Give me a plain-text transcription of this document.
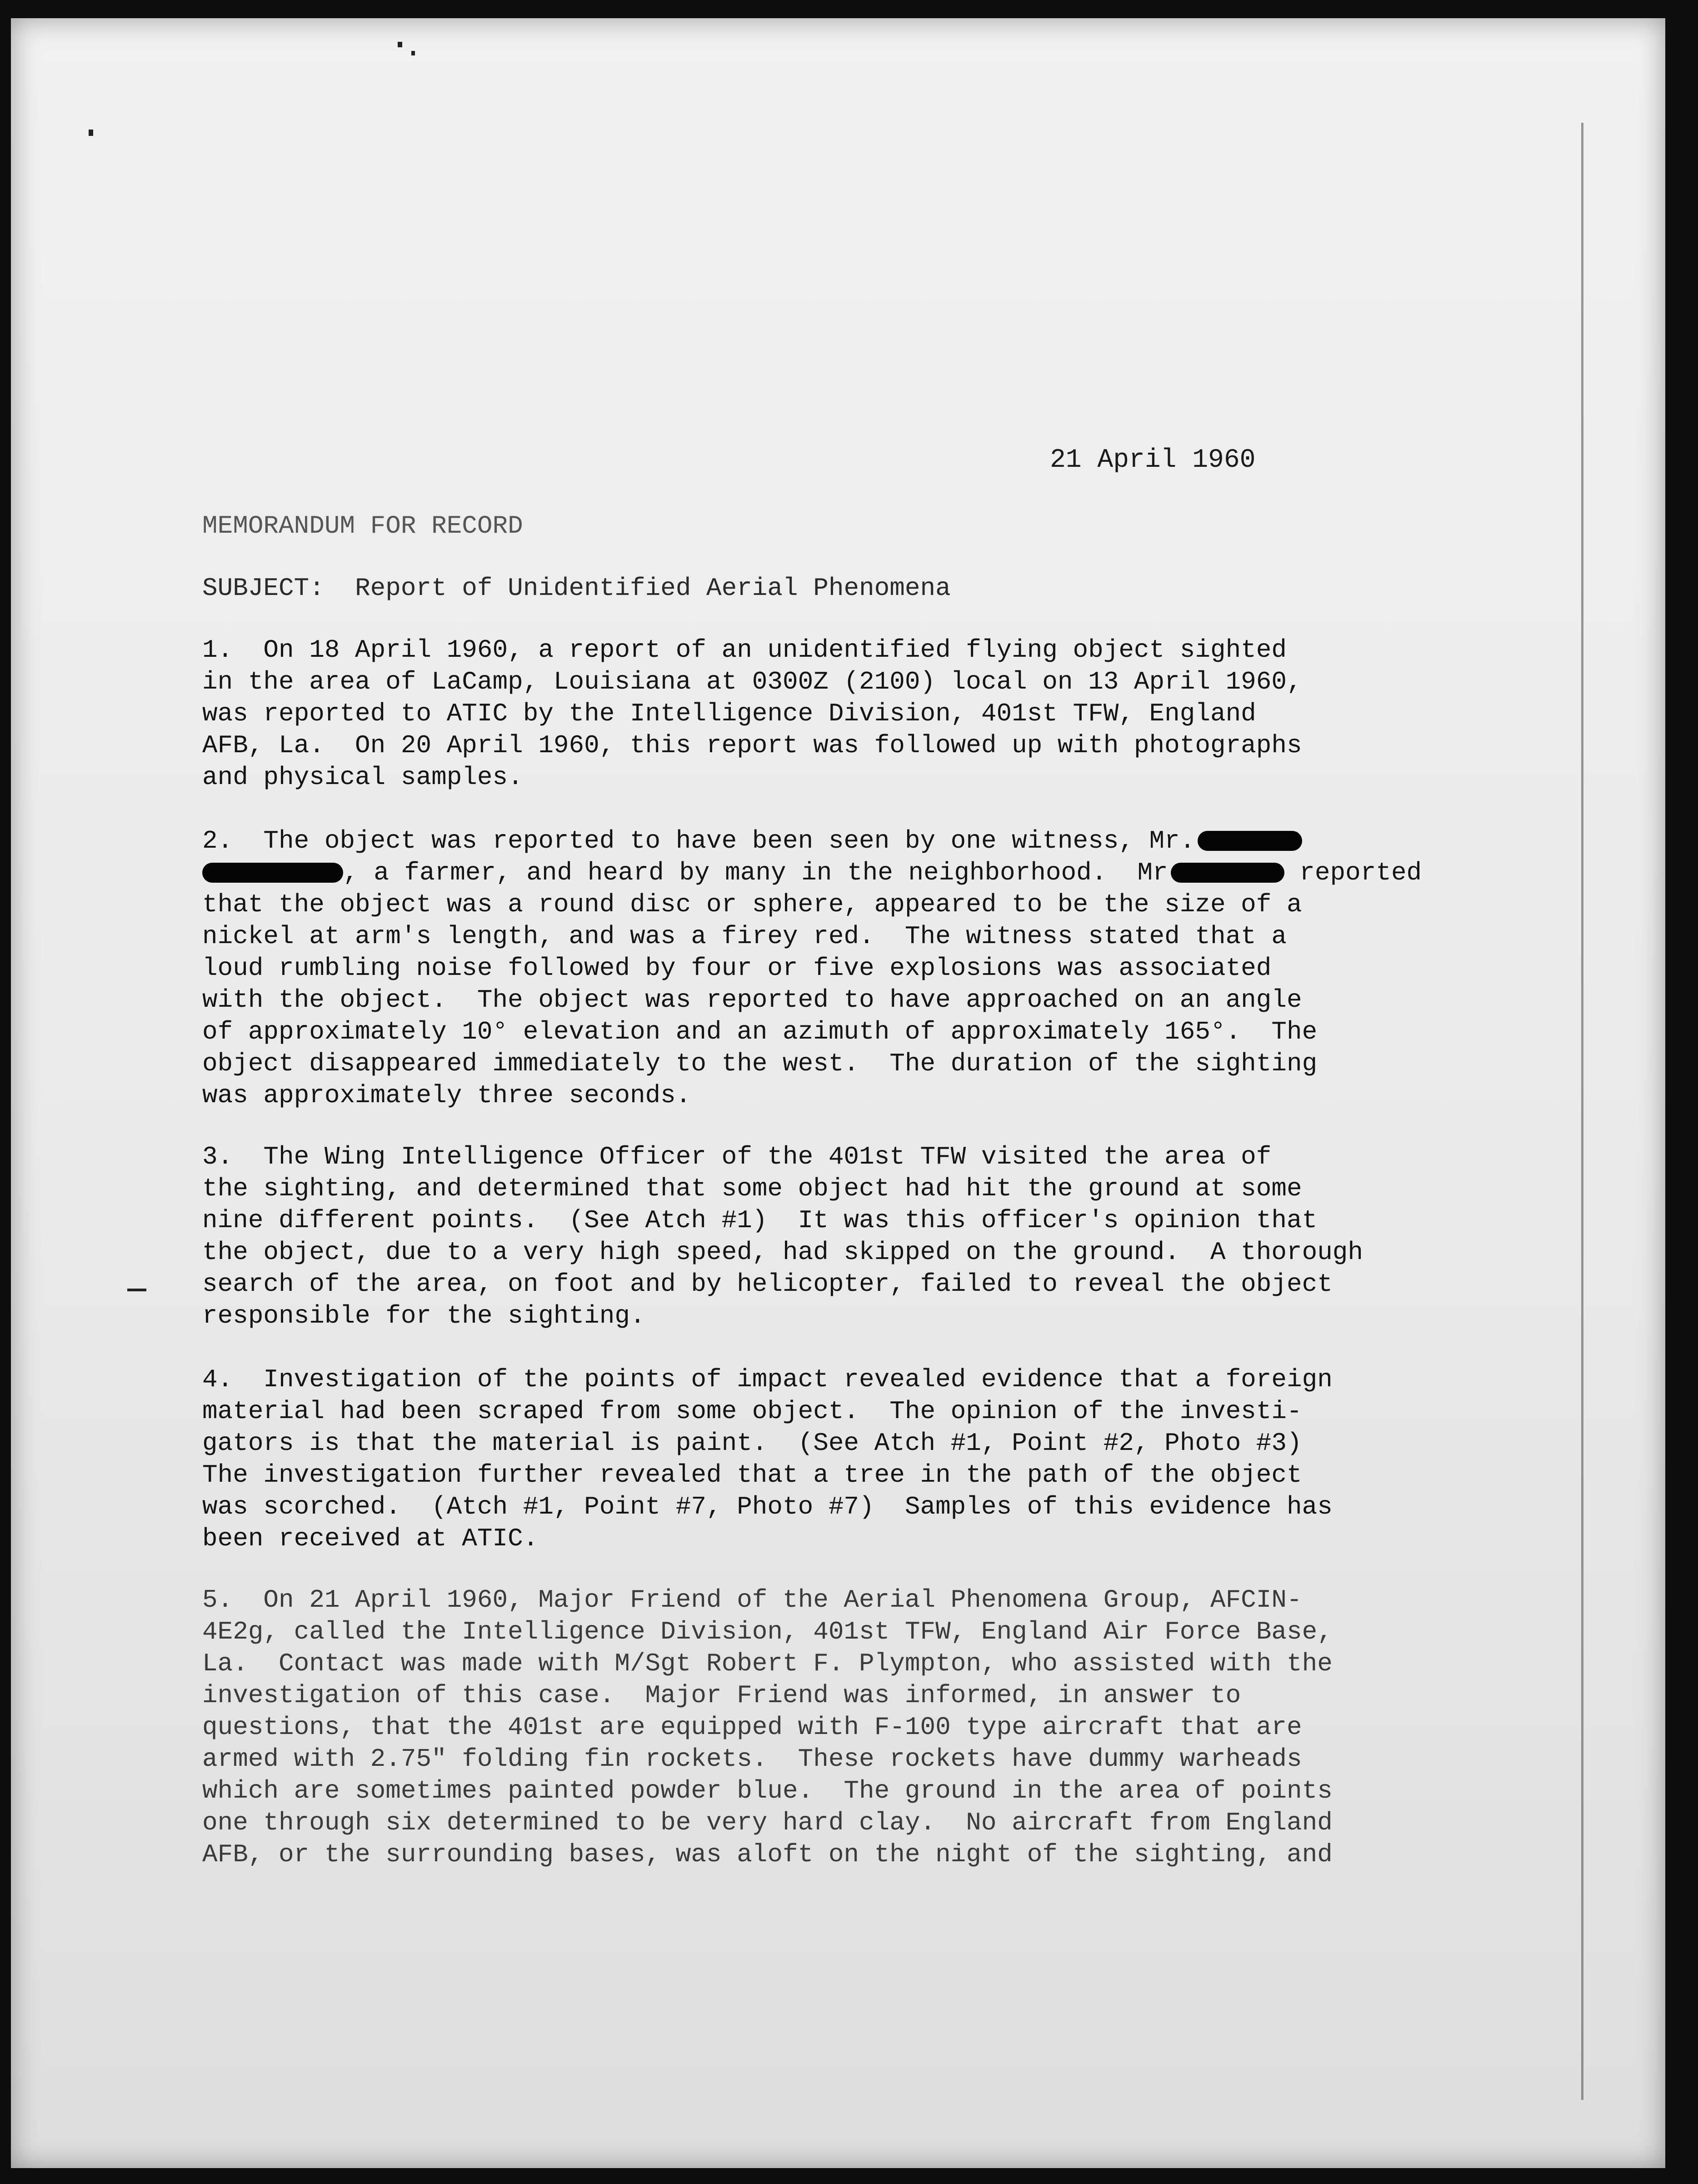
21 April 1960
MEMORANDUM FOR RECORD
SUBJECT: Report of Unidentified Aerial Phenomena
1.  On 18 April 1960, a report of an unidentified flying object sighted
in the area of LaCamp, Louisiana at 0300Z (2100) local on 13 April 1960,
was reported to ATIC by the Intelligence Division, 401st TFW, England
AFB, La.  On 20 April 1960, this report was followed up with photographs
and physical samples.
2.  The object was reported to have been seen by one witness, Mr.
, a farmer, and heard by many in the neighborhood.  Mr	reported
that the object was a round disc or sphere, appeared to be the size of a
nickel at arm's length, and was a firey red.  The witness stated that a
loud rumbling noise followed by four or five explosions was associated
with the object.  The object was reported to have approached on an angle
of approximately 10° elevation and an azimuth of approximately 165°.  The
object disappeared immediately to the west.  The duration of the sighting
was approximately three seconds.
3.  The Wing Intelligence Officer of the 401st TFW visited the area of
the sighting, and determined that some object had hit the ground at some
nine different points.  (See Atch #1)  It was this officer's opinion that
the object, due to a very high speed, had skipped on the ground.  A thorough
search of the area, on foot and by helicopter, failed to reveal the object
responsible for the sighting.
4.  Investigation of the points of impact revealed evidence that a foreign
material had been scraped from some object.  The opinion of the investi-
gators is that the material is paint.  (See Atch #1, Point #2, Photo #3)
The investigation further revealed that a tree in the path of the object
was scorched.  (Atch #1, Point #7, Photo #7)  Samples of this evidence has
been received at ATIC.
5.  On 21 April 1960, Major Friend of the Aerial Phenomena Group, AFCIN-
4E2g, called the Intelligence Division, 401st TFW, England Air Force Base,
La.  Contact was made with M/Sgt Robert F. Plympton, who assisted with the
investigation of this case.  Major Friend was informed, in answer to
questions, that the 401st are equipped with F-100 type aircraft that are
armed with 2.75" folding fin rockets.  These rockets have dummy warheads
which are sometimes painted powder blue.  The ground in the area of points
one through six determined to be very hard clay.  No aircraft from England
AFB, or the surrounding bases, was aloft on the night of the sighting, and
